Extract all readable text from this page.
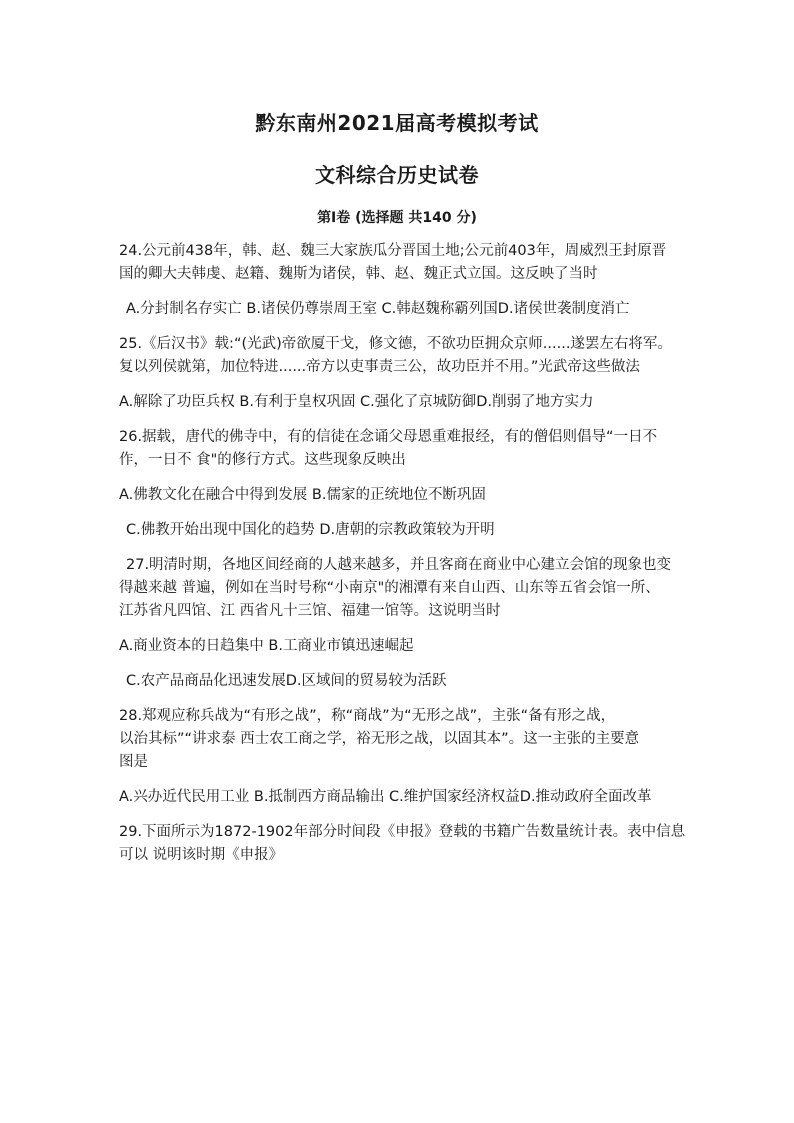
黔东南州2021届高考模拟考试
文科综合历史试卷
第Ⅰ卷 (选择题 共140 分)
24.公元前438年，韩、赵、魏三大家族瓜分晋国土地;公元前403年，周威烈王封原晋
国的卿大夫韩虔、赵籍、魏斯为诸侯，韩、赵、魏正式立国。这反映了当时
A.分封制名存实亡 B.诸侯仍尊崇周王室 C.韩赵魏称霸列国D.诸侯世袭制度消亡
25.《后汉书》载:“(光武)帝欲厦干戈，修文德，不欲功臣拥众京师......遂罢左右将军。
复以列侯就第，加位特进......帝方以吏事责三公，故功臣并不用。”光武帝这些做法
A.解除了功臣兵权 B.有利于皇权巩固 C.强化了京城防御D.削弱了地方实力
26.据载，唐代的佛寺中，有的信徒在念诵父母恩重难报经，有的僧侣则倡导“一日不
作，一日不 食"的修行方式。这些现象反映出
A.佛教文化在融合中得到发展 B.儒家的正统地位不断巩固
C.佛教开始出现中国化的趋势 D.唐朝的宗教政策较为开明
27.明清时期，各地区间经商的人越来越多，并且客商在商业中心建立会馆的现象也变
得越来越 普遍，例如在当时号称“小南京"的湘潭有来自山西、山东等五省会馆一所、
江苏省凡四馆、江 西省凡十三馆、福建一馆等。这说明当时
A.商业资本的日趋集中 B.工商业市镇迅速崛起
C.农产品商品化迅速发展D.区域间的贸易较为活跃
28.郑观应称兵战为“有形之战”，称“商战”为“无形之战”，主张“备有形之战，
以治其标”“讲求泰 西士农工商之学，裕无形之战，以固其本”。这一主张的主要意
图是
A.兴办近代民用工业 B.抵制西方商品输出 C.维护国家经济权益D.推动政府全面改革
29.下面所示为1872-1902年部分时间段《申报》登载的书籍广告数量统计表。表中信息
可以 说明该时期《申报》
